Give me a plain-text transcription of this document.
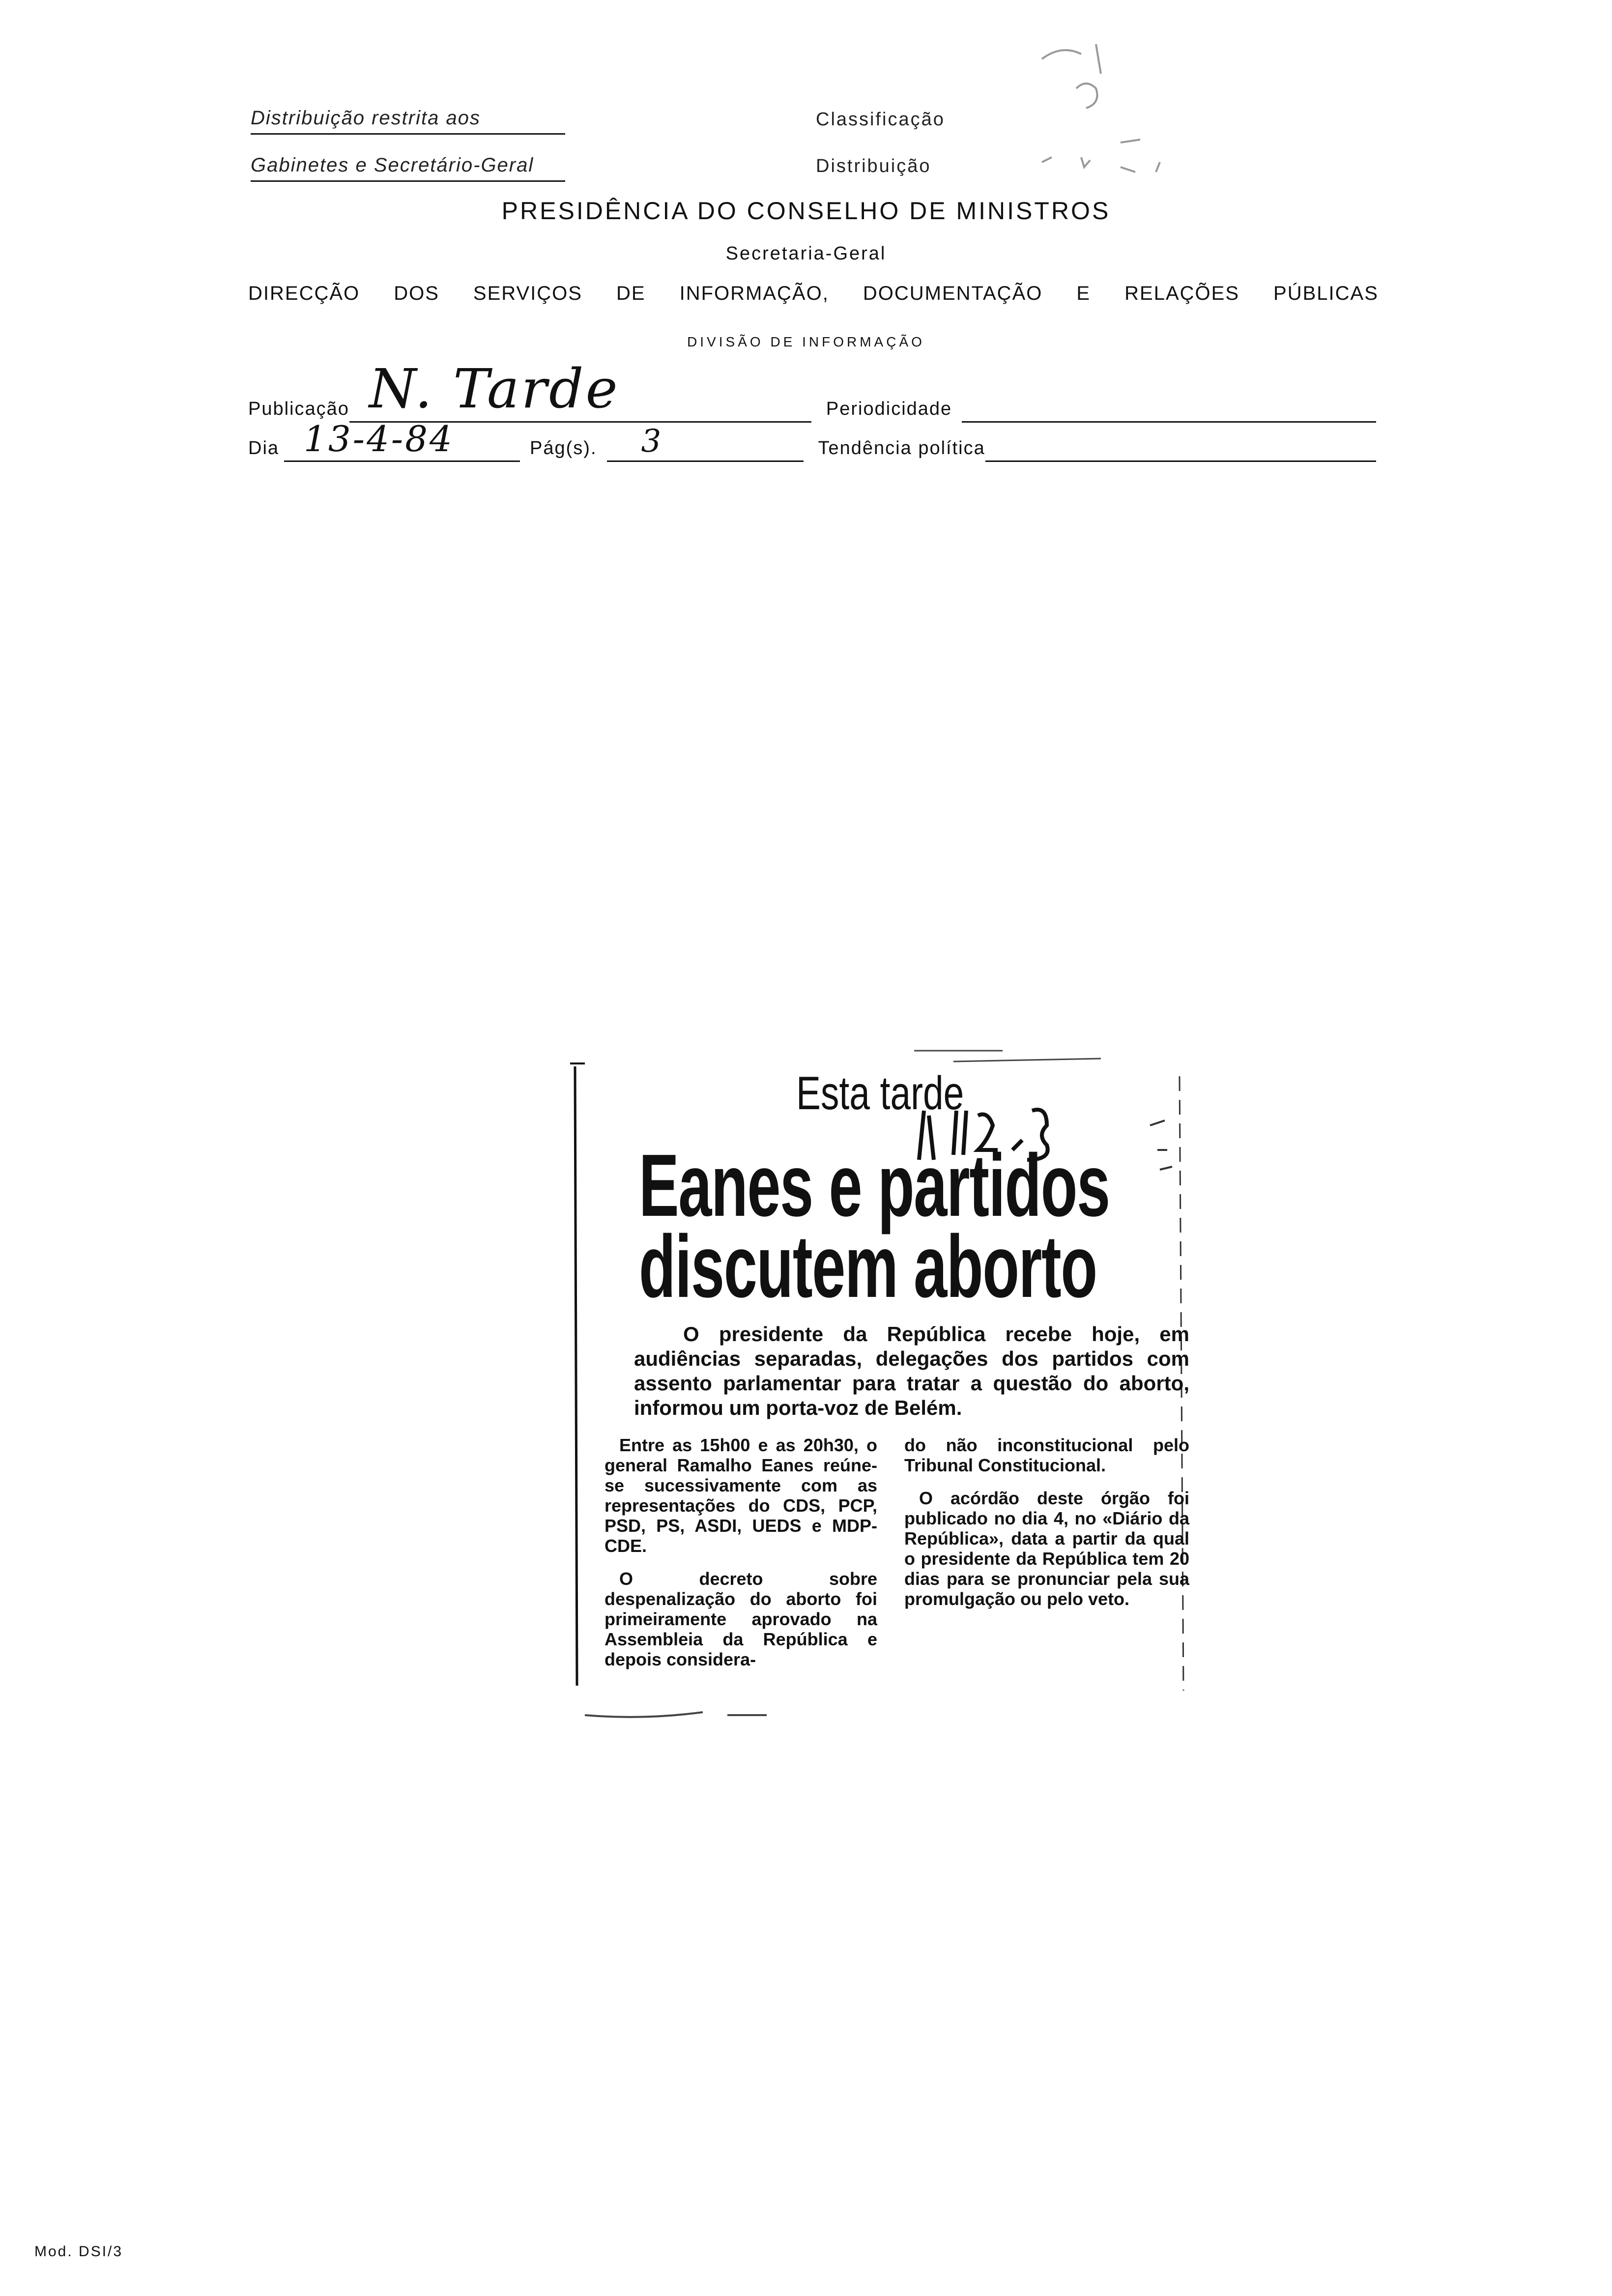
Distribuição restrita aos
Gabinetes e Secretário-Geral
Classificação
Distribuição
PRESIDÊNCIA DO CONSELHO DE MINISTROS
Secretaria-Geral
DIRECÇÃO DOS SERVIÇOS DE INFORMAÇÃO, DOCUMENTAÇÃO E RELAÇÕES PÚBLICAS
DIVISÃO DE INFORMAÇÃO
Publicação N. Tarde	Periodicidade
Dia 13-4-84	Pág(s). 3	Tendência política
Esta tarde
Eanes e partidos
discutem aborto
O presidente da República recebe hoje, em audiências separadas, delegações dos partidos com assento parlamentar para tratar a questão do aborto, informou um porta-voz de Belém.

Entre as 15h00 e as 20h30, o general Ramalho Eanes reúne-se sucessivamente com as representações do CDS, PCP, PSD, PS, ASDI, UEDS e MDP-CDE.

O decreto sobre despenalização do aborto foi primeiramente aprovado na Assembleia da República e depois considera-

do não inconstitucional pelo Tribunal Constitucional.

O acórdão deste órgão foi publicado no dia 4, no «Diário da República», data a partir da qual o presidente da República tem 20 dias para se pronunciar pela sua promulgação ou pelo veto.

Mod. DSI/3
